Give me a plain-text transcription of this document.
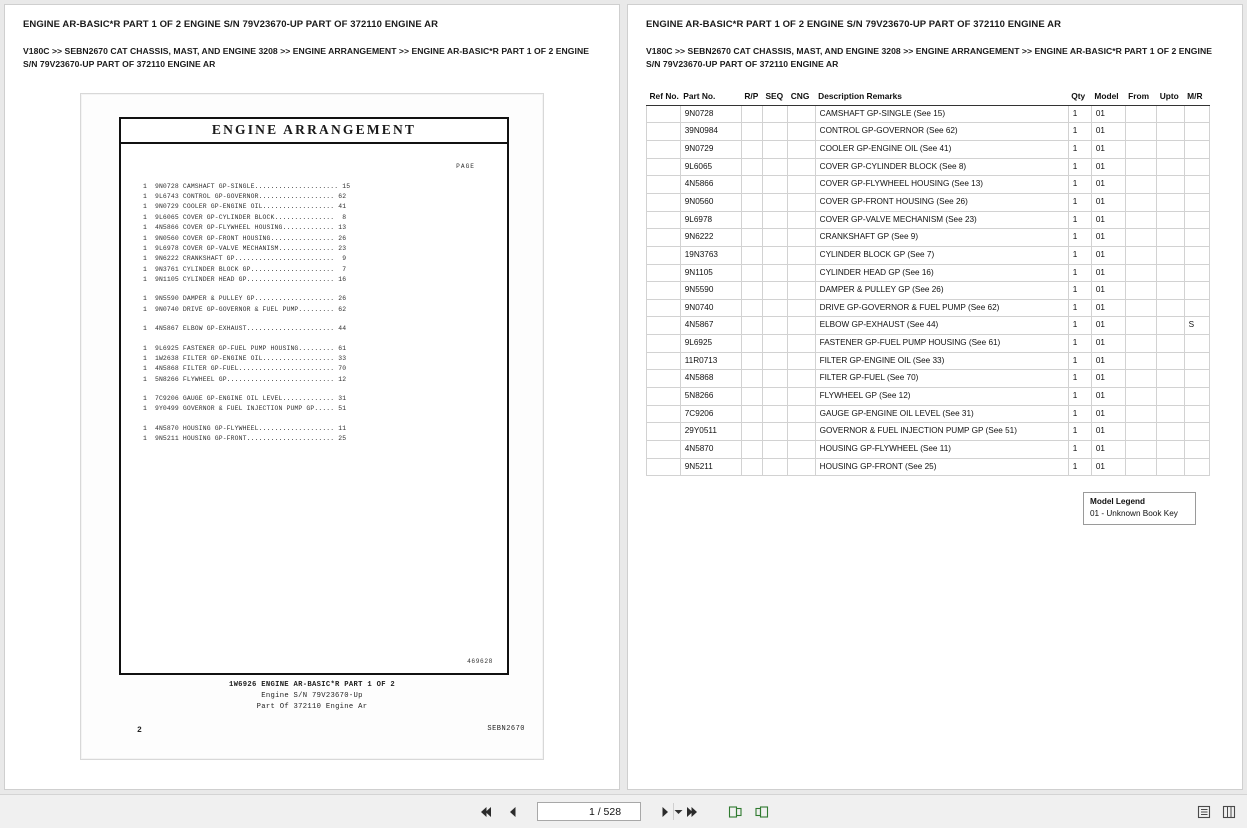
ENGINE AR-BASIC*R PART 1 OF 2 ENGINE S/N 79V23670-UP PART OF 372110 ENGINE AR
V180C >> SEBN2670 CAT CHASSIS, MAST, AND ENGINE 3208 >> ENGINE ARRANGEMENT >> ENGINE AR-BASIC*R PART 1 OF 2 ENGINE S/N 79V23670-UP PART OF 372110 ENGINE AR
ENGINE ARRANGEMENT
PAGE
1  9N0728 CAMSHAFT GP-SINGLE..................... 15
1  9L6743 CONTROL GP-GOVERNOR................... 62
1  9N0729 COOLER GP-ENGINE OIL.................. 41
1  9L6065 COVER GP-CYLINDER BLOCK...............  8
1  4N5866 COVER GP-FLYWHEEL HOUSING............. 13
1  9N0560 COVER GP-FRONT HOUSING................ 26
1  9L6978 COVER GP-VALVE MECHANISM.............. 23
1  9N6222 CRANKSHAFT GP.........................  9
1  9N3761 CYLINDER BLOCK GP.....................  7
1  9N1105 CYLINDER HEAD GP...................... 16
1  9N5590 DAMPER & PULLEY GP.................... 26
1  9N0740 DRIVE GP-GOVERNOR & FUEL PUMP......... 62
1  4N5867 ELBOW GP-EXHAUST...................... 44
1  9L6925 FASTENER GP-FUEL PUMP HOUSING......... 61
1  1W2638 FILTER GP-ENGINE OIL.................. 33
1  4N5868 FILTER GP-FUEL........................ 70
1  5N8266 FLYWHEEL GP........................... 12
1  7C9206 GAUGE GP-ENGINE OIL LEVEL............. 31
1  9Y0499 GOVERNOR & FUEL INJECTION PUMP GP..... 51
1  4N5870 HOUSING GP-FLYWHEEL................... 11
1  9N5211 HOUSING GP-FRONT...................... 25
469628
1W6926 ENGINE AR-BASIC*R PART 1 OF 2
Engine S/N 79V23670-Up
Part Of 372110 Engine Ar
2	SEBN2670
ENGINE AR-BASIC*R PART 1 OF 2 ENGINE S/N 79V23670-UP PART OF 372110 ENGINE AR
V180C >> SEBN2670 CAT CHASSIS, MAST, AND ENGINE 3208 >> ENGINE ARRANGEMENT >> ENGINE AR-BASIC*R PART 1 OF 2 ENGINE S/N 79V23670-UP PART OF 372110 ENGINE AR
Ref No.	Part No.	R/P	SEQ	CNG	Description Remarks	Qty	Model	From	Upto	M/R
	9N0728				CAMSHAFT GP-SINGLE (See 15)	1	01			
	39N0984				CONTROL GP-GOVERNOR (See 62)	1	01			
	9N0729				COOLER GP-ENGINE OIL (See 41)	1	01			
	9L6065				COVER GP-CYLINDER BLOCK (See 8)	1	01			
	4N5866				COVER GP-FLYWHEEL HOUSING (See 13)	1	01			
	9N0560				COVER GP-FRONT HOUSING (See 26)	1	01			
	9L6978				COVER GP-VALVE MECHANISM (See 23)	1	01			
	9N6222				CRANKSHAFT GP (See 9)	1	01			
	19N3763				CYLINDER BLOCK GP (See 7)	1	01			
	9N1105				CYLINDER HEAD GP (See 16)	1	01			
	9N5590				DAMPER & PULLEY GP (See 26)	1	01			
	9N0740				DRIVE GP-GOVERNOR & FUEL PUMP (See 62)	1	01			
	4N5867				ELBOW GP-EXHAUST (See 44)	1	01			S
	9L6925				FASTENER GP-FUEL PUMP HOUSING (See 61)	1	01			
	11R0713				FILTER GP-ENGINE OIL (See 33)	1	01			
	4N5868				FILTER GP-FUEL (See 70)	1	01			
	5N8266				FLYWHEEL GP (See 12)	1	01			
	7C9206				GAUGE GP-ENGINE OIL LEVEL (See 31)	1	01			
	29Y0511				GOVERNOR & FUEL INJECTION PUMP GP (See 51)	1	01			
	4N5870				HOUSING GP-FLYWHEEL (See 11)	1	01			
	9N5211				HOUSING GP-FRONT (See 25)	1	01			
Model Legend
01 - Unknown Book Key
1 / 528
